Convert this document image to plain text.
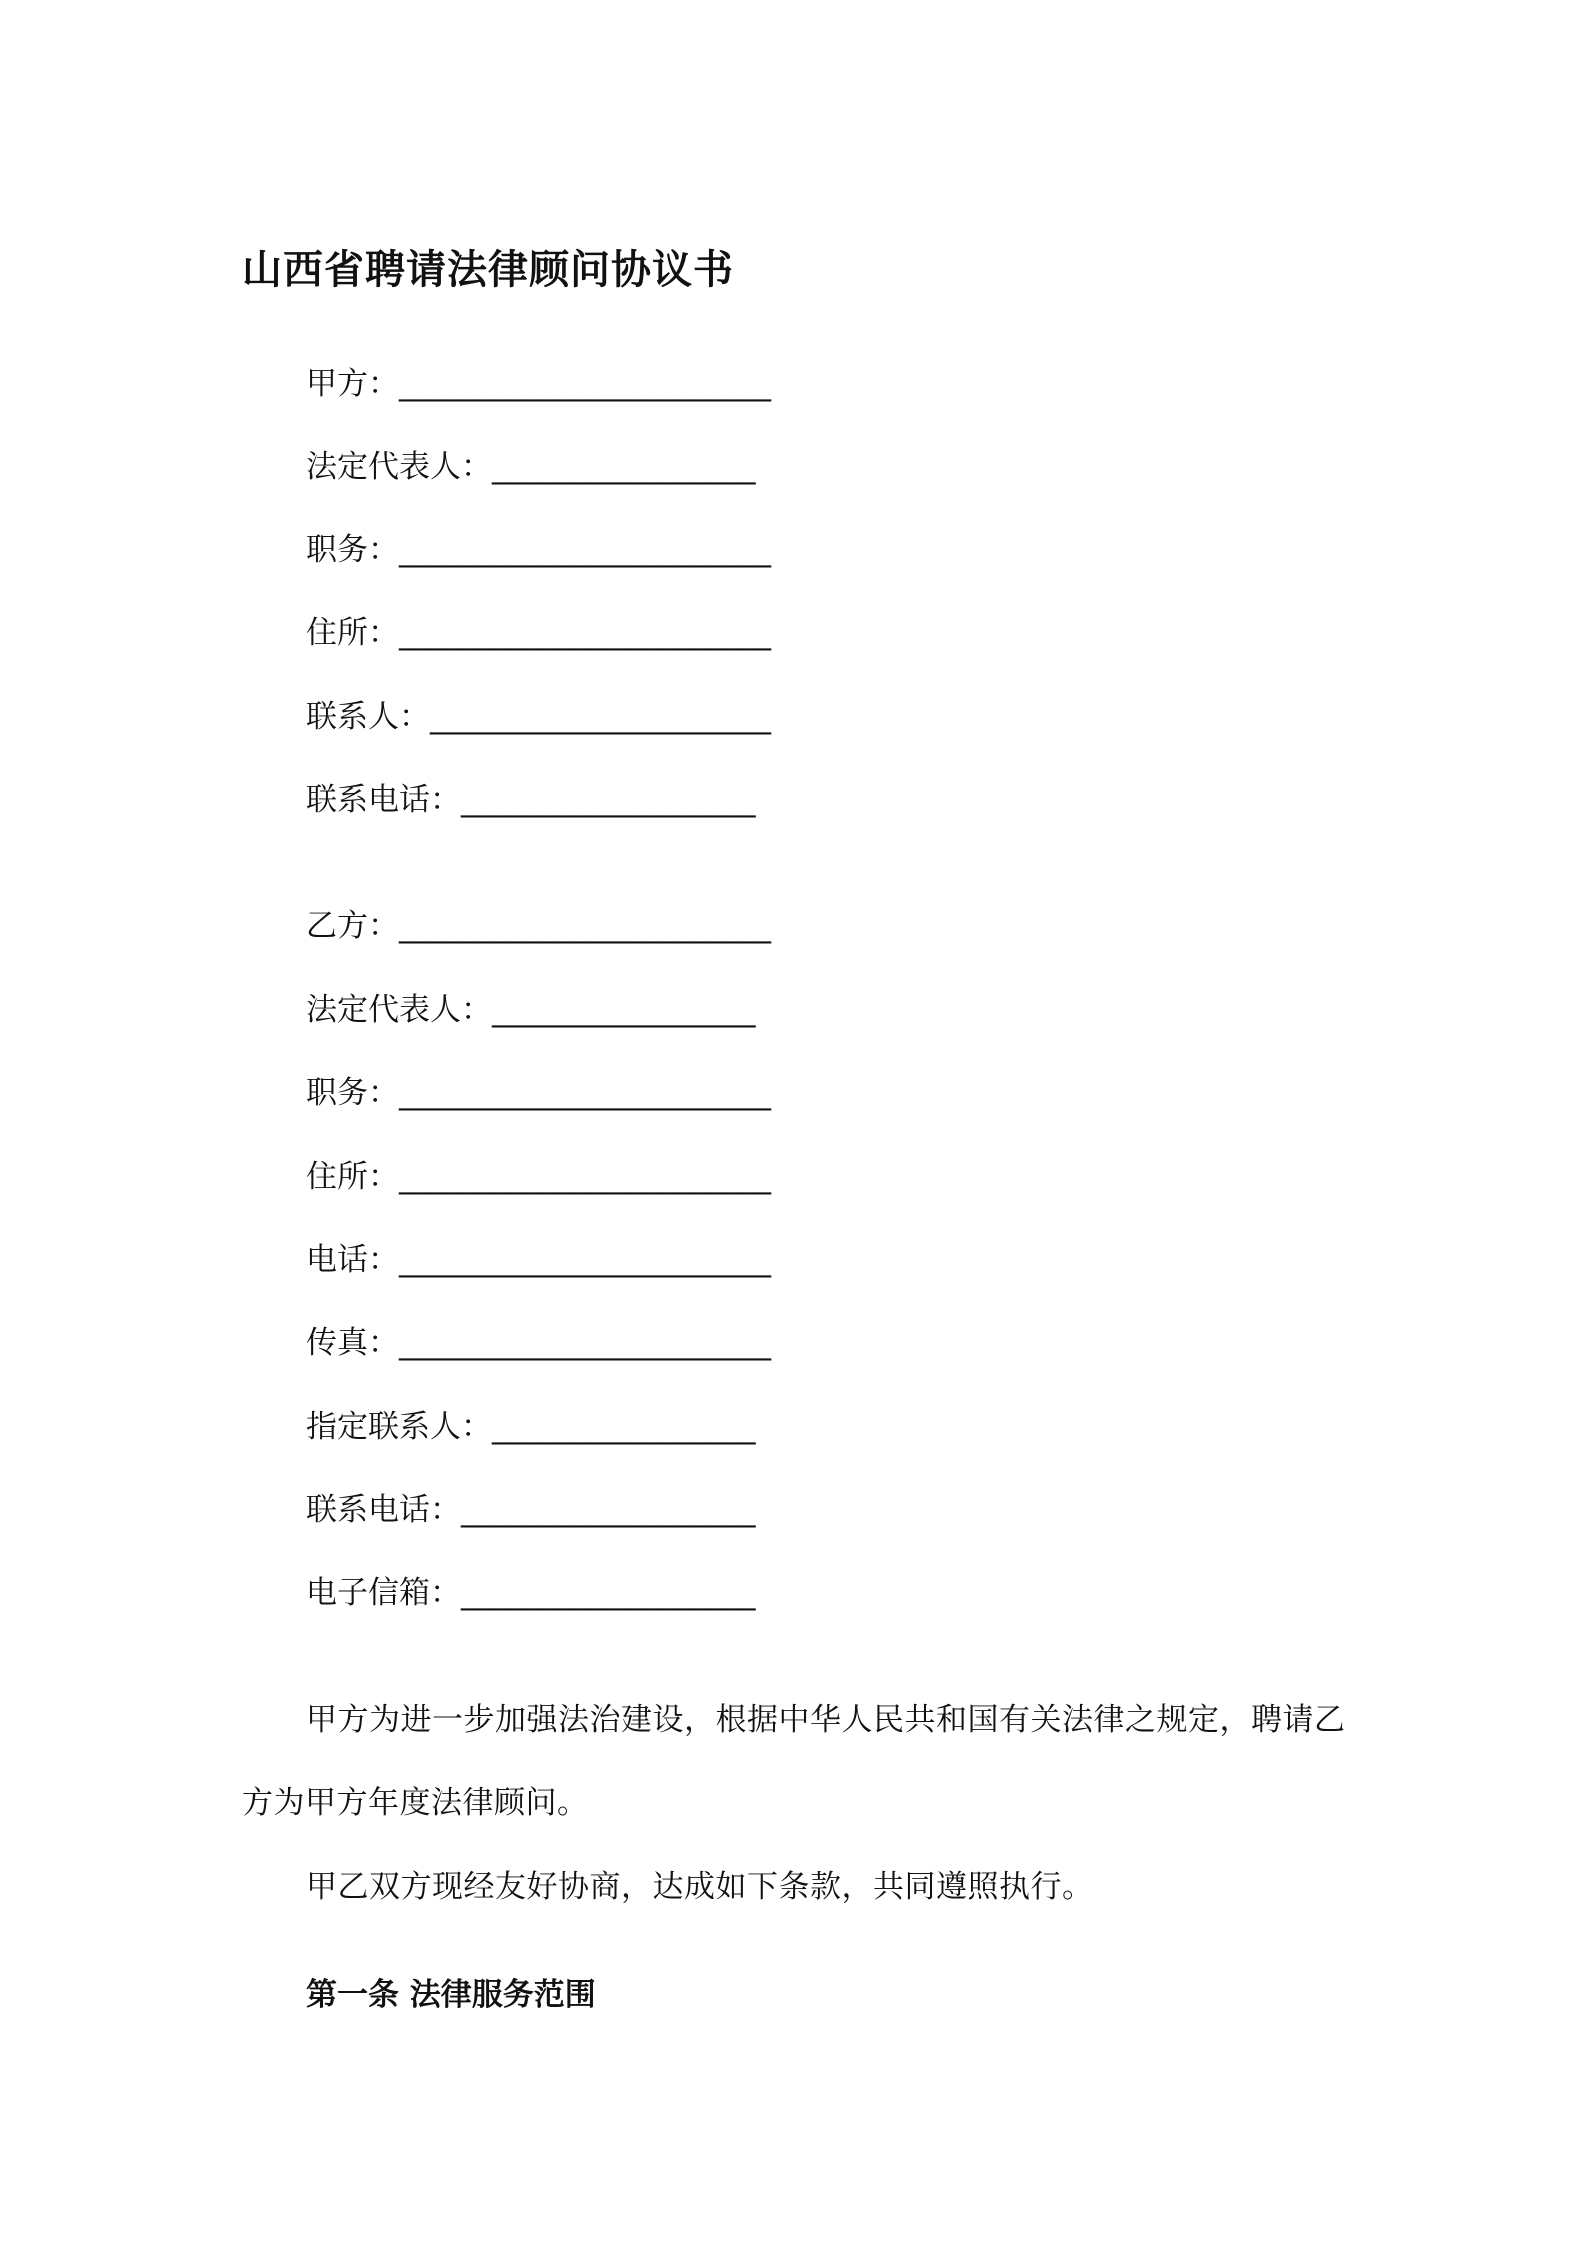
山西省聘请法律顾问协议书
甲方：________________________
法定代表人：_________________
职务：________________________
住所：________________________
联系人：______________________
联系电话：___________________
乙方：________________________
法定代表人：_________________
职务：________________________
住所：________________________
电话：________________________
传真：________________________
指定联系人：_________________
联系电话：___________________
电子信箱：___________________
甲方为进一步加强法治建设，根据中华人民共和国有关法律之规定，聘请乙
方为甲方年度法律顾问。
甲乙双方现经友好协商，达成如下条款，共同遵照执行。
第一条 法律服务范围
